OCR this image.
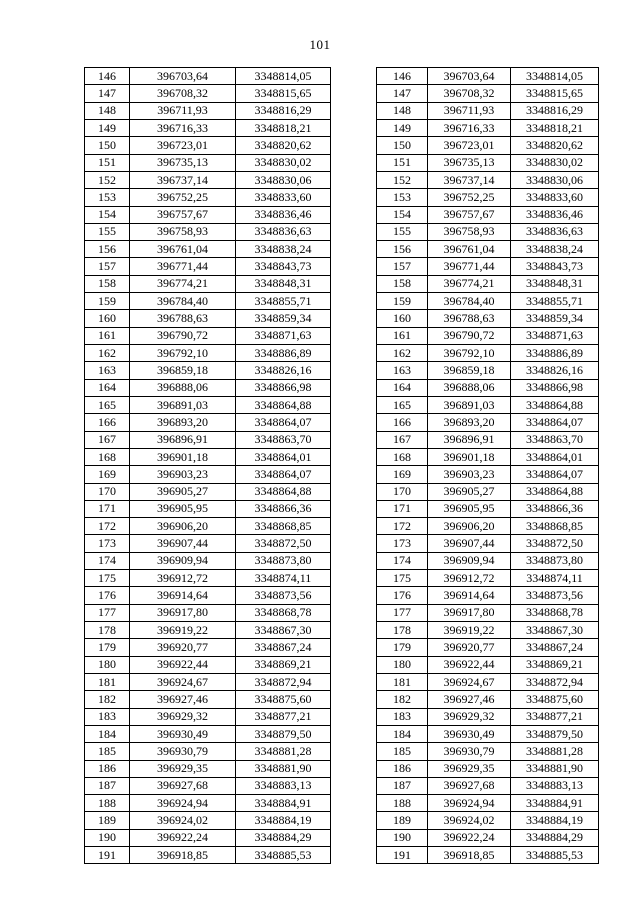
101
146	396703,64	3348814,05
147	396708,32	3348815,65
148	396711,93	3348816,29
149	396716,33	3348818,21
150	396723,01	3348820,62
151	396735,13	3348830,02
152	396737,14	3348830,06
153	396752,25	3348833,60
154	396757,67	3348836,46
155	396758,93	3348836,63
156	396761,04	3348838,24
157	396771,44	3348843,73
158	396774,21	3348848,31
159	396784,40	3348855,71
160	396788,63	3348859,34
161	396790,72	3348871,63
162	396792,10	3348886,89
163	396859,18	3348826,16
164	396888,06	3348866,98
165	396891,03	3348864,88
166	396893,20	3348864,07
167	396896,91	3348863,70
168	396901,18	3348864,01
169	396903,23	3348864,07
170	396905,27	3348864,88
171	396905,95	3348866,36
172	396906,20	3348868,85
173	396907,44	3348872,50
174	396909,94	3348873,80
175	396912,72	3348874,11
176	396914,64	3348873,56
177	396917,80	3348868,78
178	396919,22	3348867,30
179	396920,77	3348867,24
180	396922,44	3348869,21
181	396924,67	3348872,94
182	396927,46	3348875,60
183	396929,32	3348877,21
184	396930,49	3348879,50
185	396930,79	3348881,28
186	396929,35	3348881,90
187	396927,68	3348883,13
188	396924,94	3348884,91
189	396924,02	3348884,19
190	396922,24	3348884,29
191	396918,85	3348885,53
146	396703,64	3348814,05
147	396708,32	3348815,65
148	396711,93	3348816,29
149	396716,33	3348818,21
150	396723,01	3348820,62
151	396735,13	3348830,02
152	396737,14	3348830,06
153	396752,25	3348833,60
154	396757,67	3348836,46
155	396758,93	3348836,63
156	396761,04	3348838,24
157	396771,44	3348843,73
158	396774,21	3348848,31
159	396784,40	3348855,71
160	396788,63	3348859,34
161	396790,72	3348871,63
162	396792,10	3348886,89
163	396859,18	3348826,16
164	396888,06	3348866,98
165	396891,03	3348864,88
166	396893,20	3348864,07
167	396896,91	3348863,70
168	396901,18	3348864,01
169	396903,23	3348864,07
170	396905,27	3348864,88
171	396905,95	3348866,36
172	396906,20	3348868,85
173	396907,44	3348872,50
174	396909,94	3348873,80
175	396912,72	3348874,11
176	396914,64	3348873,56
177	396917,80	3348868,78
178	396919,22	3348867,30
179	396920,77	3348867,24
180	396922,44	3348869,21
181	396924,67	3348872,94
182	396927,46	3348875,60
183	396929,32	3348877,21
184	396930,49	3348879,50
185	396930,79	3348881,28
186	396929,35	3348881,90
187	396927,68	3348883,13
188	396924,94	3348884,91
189	396924,02	3348884,19
190	396922,24	3348884,29
191	396918,85	3348885,53
